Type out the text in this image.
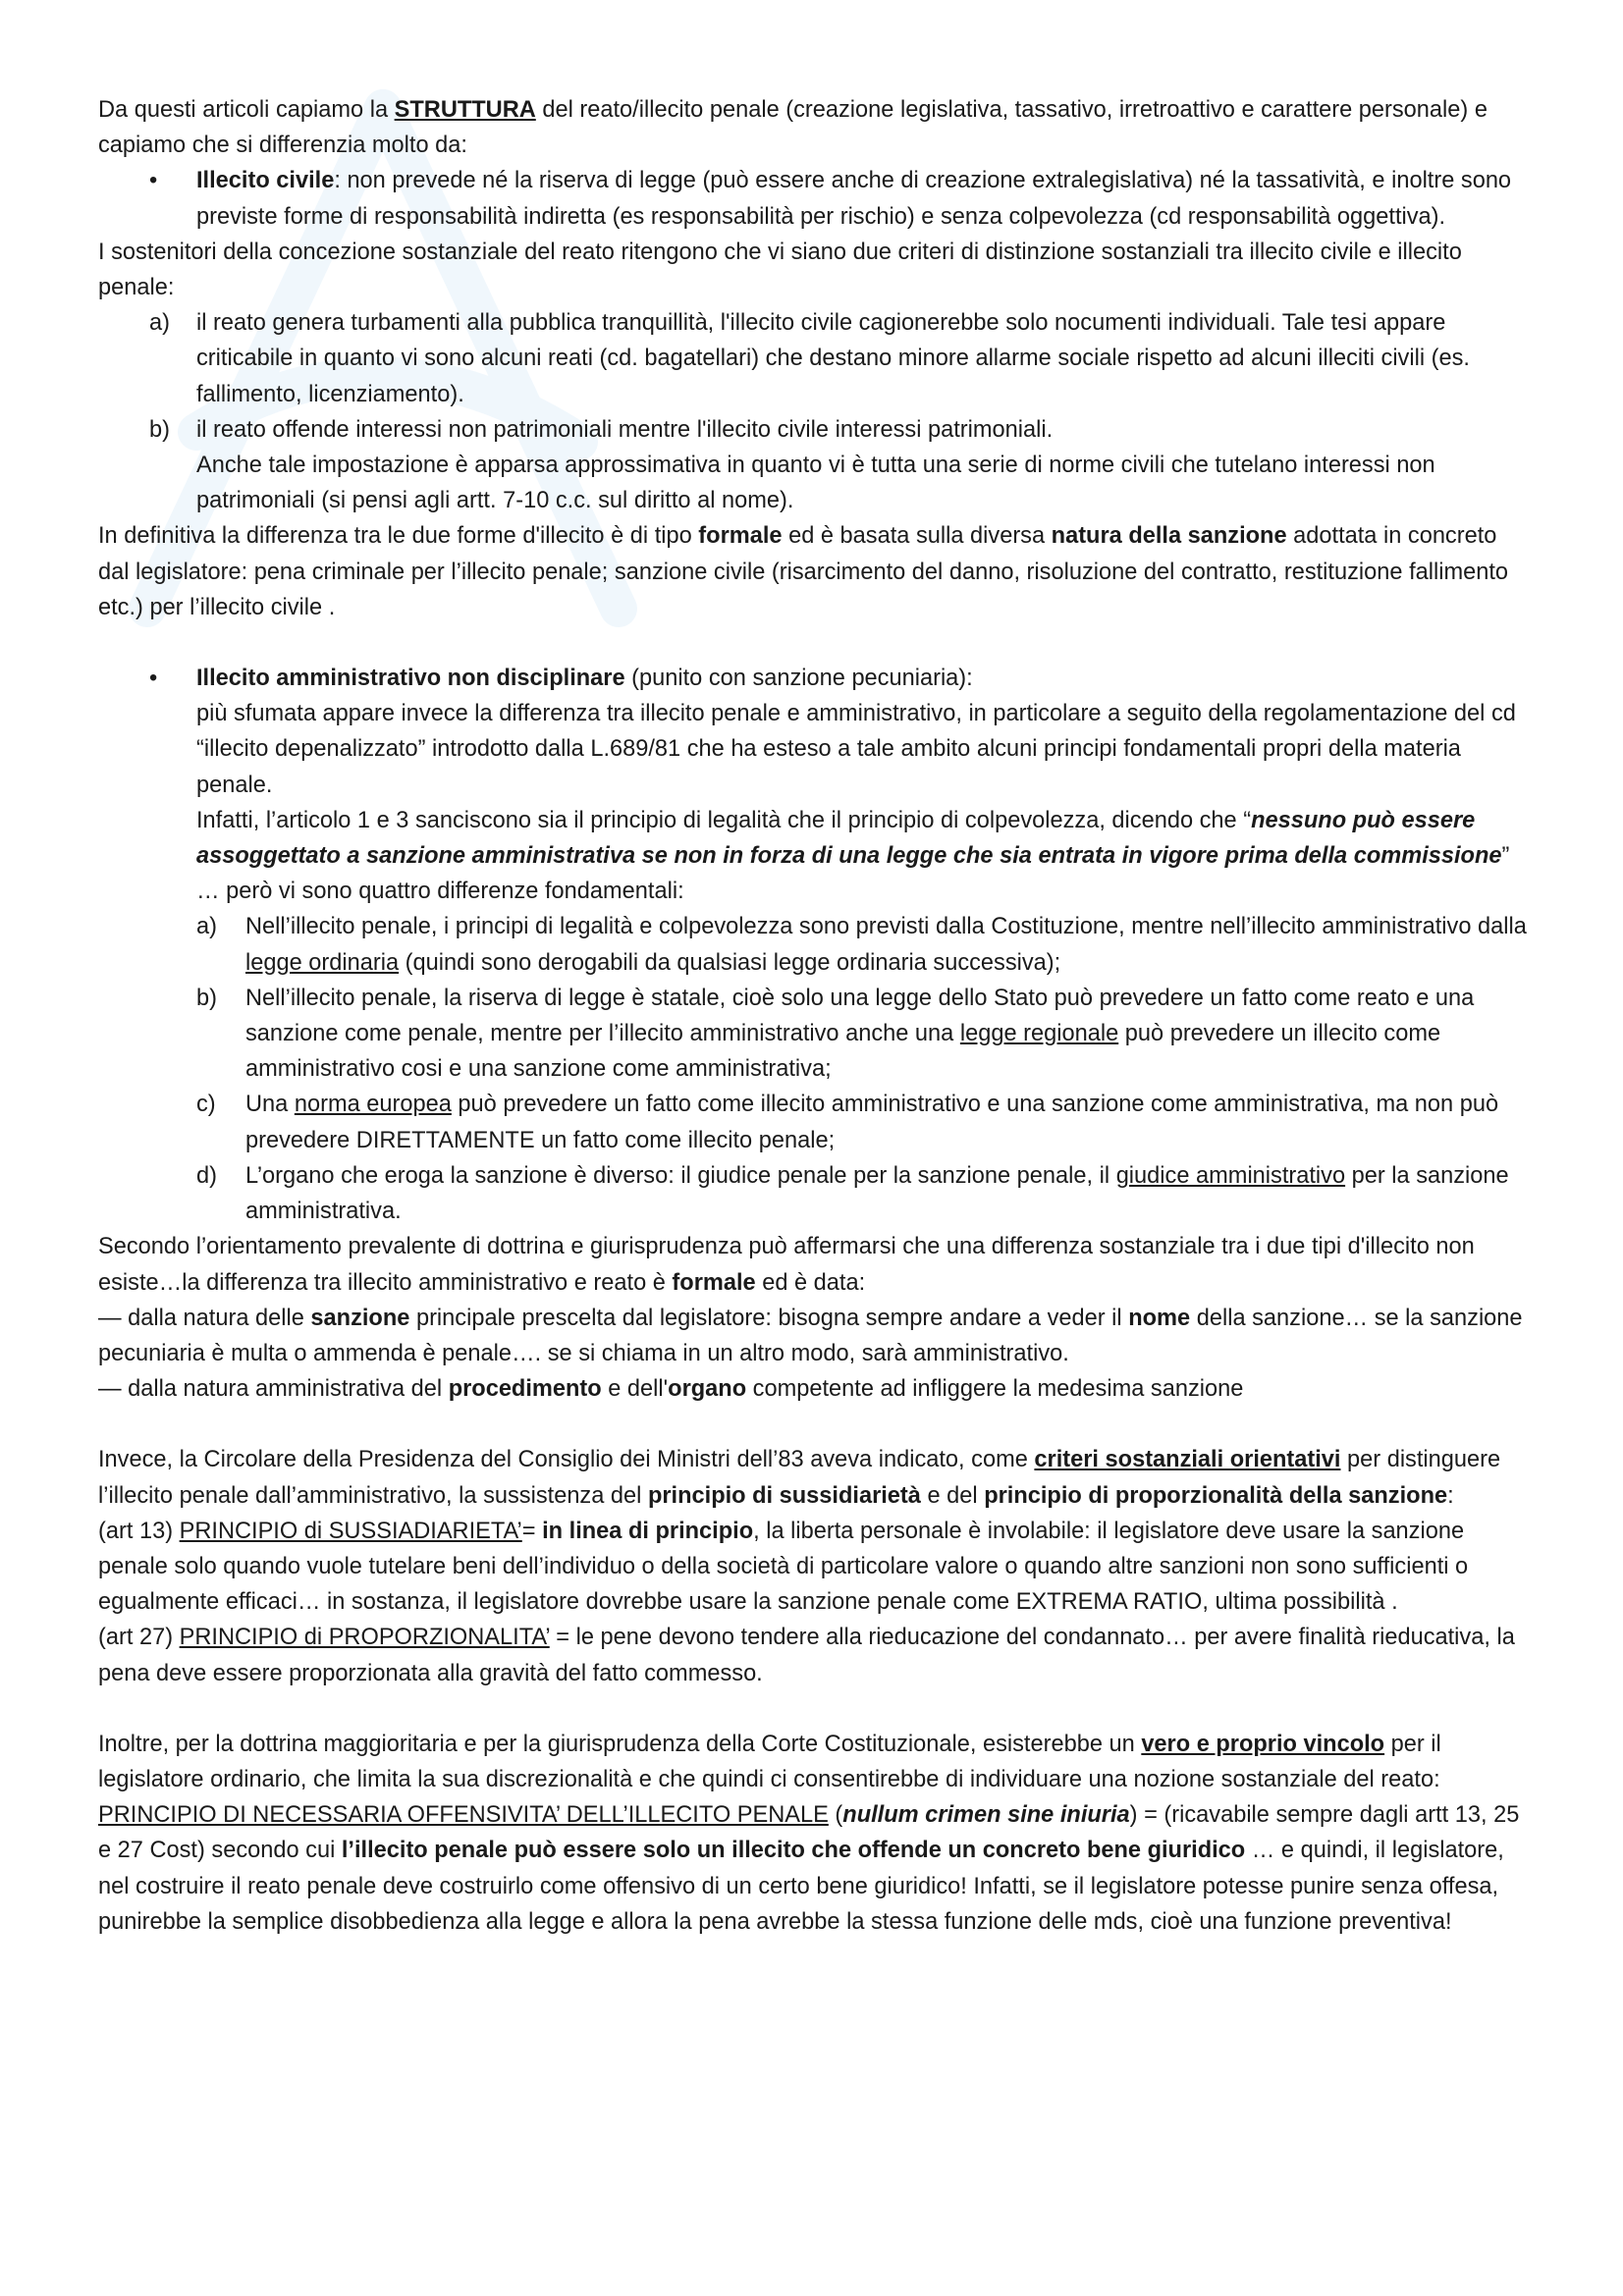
Da questi articoli capiamo la STRUTTURA del reato/illecito penale (creazione legislativa, tassativo, irretroattivo e carattere personale) e capiamo che si differenzia molto da:

• Illecito civile: non prevede né la riserva di legge (può essere anche di creazione extralegislativa) né la tassatività, e inoltre sono previste forme di responsabilità indiretta (es responsabilità per rischio) e senza colpevolezza (cd responsabilità oggettiva).

I sostenitori della concezione sostanziale del reato ritengono che vi siano due criteri di distinzione sostanziali tra illecito civile e illecito penale:

a) il reato genera turbamenti alla pubblica tranquillità, l'illecito civile cagionerebbe solo nocumenti individuali. Tale tesi appare criticabile in quanto vi sono alcuni reati (cd. bagatellari) che destano minore allarme sociale rispetto ad alcuni illeciti civili (es. fallimento, licenziamento).
b) il reato offende interessi non patrimoniali mentre l'illecito civile interessi patrimoniali.
Anche tale impostazione è apparsa approssimativa in quanto vi è tutta una serie di norme civili che tutelano interessi non patrimoniali (si pensi agli artt. 7-10 c.c. sul diritto al nome).

In definitiva la differenza tra le due forme d'illecito è di tipo formale ed è basata sulla diversa natura della sanzione adottata in concreto dal legislatore: pena criminale per l’illecito penale; sanzione civile (risarcimento del danno, risoluzione del contratto, restituzione fallimento etc.) per l’illecito civile .

• Illecito amministrativo non disciplinare (punito con sanzione pecuniaria):
più sfumata appare invece la differenza tra illecito penale e amministrativo, in particolare a seguito della regolamentazione del cd “illecito depenalizzato” introdotto dalla L.689/81 che ha esteso a tale ambito alcuni principi fondamentali propri della materia penale.
Infatti, l’articolo 1 e 3 sanciscono sia il principio di legalità che il principio di colpevolezza, dicendo che “nessuno può essere assoggettato a sanzione amministrativa se non in forza di una legge che sia entrata in vigore prima della commissione” … però vi sono quattro differenze fondamentali:
a) Nell’illecito penale, i principi di legalità e colpevolezza sono previsti dalla Costituzione, mentre nell’illecito amministrativo dalla legge ordinaria (quindi sono derogabili da qualsiasi legge ordinaria successiva);
b) Nell’illecito penale, la riserva di legge è statale, cioè solo una legge dello Stato può prevedere un fatto come reato e una sanzione come penale, mentre per l’illecito amministrativo anche una legge regionale può prevedere un illecito come amministrativo cosi e una sanzione come amministrativa;
c) Una norma europea può prevedere un fatto come illecito amministrativo e una sanzione come amministrativa, ma non può prevedere DIRETTAMENTE un fatto come illecito penale;
d) L’organo che eroga la sanzione è diverso: il giudice penale per la sanzione penale, il giudice amministrativo per la sanzione amministrativa.

Secondo l’orientamento prevalente di dottrina e giurisprudenza può affermarsi che una differenza sostanziale tra i due tipi d'illecito non esiste…la differenza tra illecito amministrativo e reato è formale ed è data:

— dalla natura delle sanzione principale prescelta dal legislatore: bisogna sempre andare a veder il nome della sanzione… se la sanzione pecuniaria è multa o ammenda è penale…. se si chiama in un altro modo, sarà amministrativo.

— dalla natura amministrativa del procedimento e dell'organo competente ad infliggere la medesima sanzione

Invece, la Circolare della Presidenza del Consiglio dei Ministri dell’83 aveva indicato, come criteri sostanziali orientativi per distinguere l’illecito penale dall’amministrativo, la sussistenza del principio di sussidiarietà e del principio di proporzionalità della sanzione:

(art 13) PRINCIPIO di SUSSIADIARIETA’= in linea di principio, la liberta personale è involabile: il legislatore deve usare la sanzione penale solo quando vuole tutelare beni dell’individuo o della società di particolare valore o quando altre sanzioni non sono sufficienti o egualmente efficaci… in sostanza, il legislatore dovrebbe usare la sanzione penale come EXTREMA RATIO, ultima possibilità .

(art 27) PRINCIPIO di PROPORZIONALITA’ = le pene devono tendere alla rieducazione del condannato… per avere finalità rieducativa, la pena deve essere proporzionata alla gravità del fatto commesso.

Inoltre, per la dottrina maggioritaria e per la giurisprudenza della Corte Costituzionale, esisterebbe un vero e proprio vincolo per il legislatore ordinario, che limita la sua discrezionalità e che quindi ci consentirebbe di individuare una nozione sostanziale del reato:

PRINCIPIO DI NECESSARIA OFFENSIVITA’ DELL’ILLECITO PENALE (nullum crimen sine iniuria) = (ricavabile sempre dagli artt 13, 25 e 27 Cost) secondo cui l’illecito penale può essere solo un illecito che offende un concreto bene giuridico … e quindi, il legislatore, nel costruire il reato penale deve costruirlo come offensivo di un certo bene giuridico! Infatti, se il legislatore potesse punire senza offesa, punirebbe la semplice disobbedienza alla legge e allora la pena avrebbe la stessa funzione delle mds, cioè una funzione preventiva!
